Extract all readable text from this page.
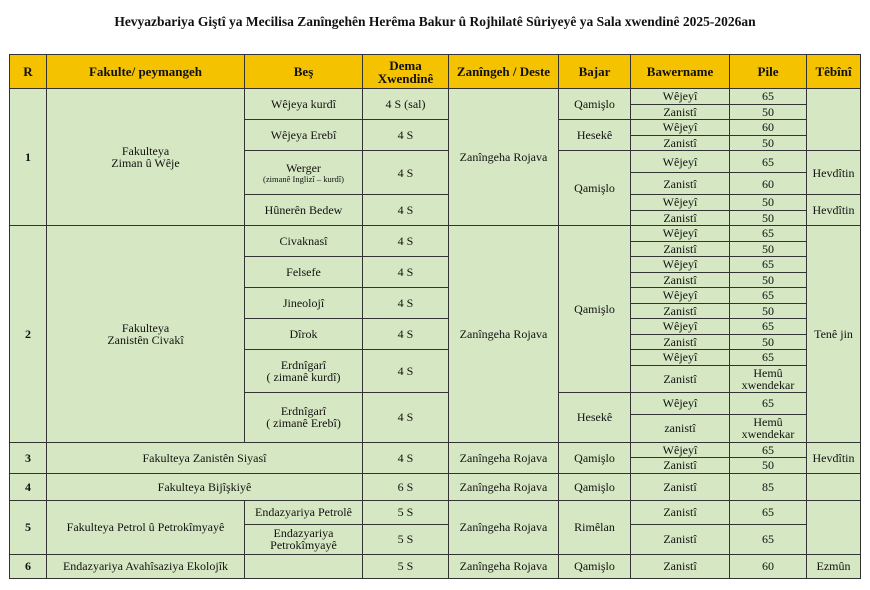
Hevyazbariya Giştî ya Mecilisa Zanîngehên Herêma Bakur û Rojhilatê Sûriyeyê ya Sala xwendinê 2025-2026an
R	Fakulte/ peymangeh	Beş	Dema Xwendinê	Zanîngeh / Deste	Bajar	Bawername	Pile	Têbînî
1	Fakulteya
Ziman û Wêje	Wêjeya kurdî	4 S (sal)	Zanîngeha Rojava	Qamişlo	Wêjeyî	65	
						Zanistî	50	
		Wêjeya Erebî	4 S		Hesekê	Wêjeyî	60	
						Zanistî	50	
		Werger
(zimanê Inglizî – kurdî)	4 S		Qamişlo	Wêjeyî	65	Hevdîtin
						Zanistî	60	
		Hûnerên Bedew	4 S			Wêjeyî	50	Hevdîtin
						Zanistî	50	
2	Fakulteya
Zanistên Civakî	Civaknasî	4 S	Zanîngeha Rojava	Qamişlo	Wêjeyî	65	Tenê jin
						Zanistî	50	
		Felsefe	4 S			Wêjeyî	65	
						Zanistî	50	
		Jineolojî	4 S			Wêjeyî	65	
						Zanistî	50	
		Dîrok	4 S			Wêjeyî	65	
						Zanistî	50	
		Erdnîgarî
( zimanê kurdî)	4 S			Wêjeyî	65	
						Zanistî	Hemû
xwendekar	
		Erdnîgarî
( zimanê Erebî)	4 S		Hesekê	Wêjeyî	65	

						zanistî	Hemû
xwendekar	

3	Fakulteya Zanistên Siyasî		4 S	Zanîngeha Rojava	Qamişlo	Wêjeyî	65	Hevdîtin
						Zanistî	50	
4	Fakulteya Bijîşkiyê		6 S	Zanîngeha Rojava	Qamişlo	Zanistî	85	
5	Fakulteya Petrol û Petrokîmyayê	Endazyariya Petrolê	5 S	Zanîngeha Rojava	Rimêlan	Zanistî	65	
		Endazyariya
Petrokîmyayê	5 S			Zanistî	65	
6	Endazyariya Avahîsaziya Ekolojîk		5 S	Zanîngeha Rojava	Qamişlo	Zanistî	60	Ezmûn
